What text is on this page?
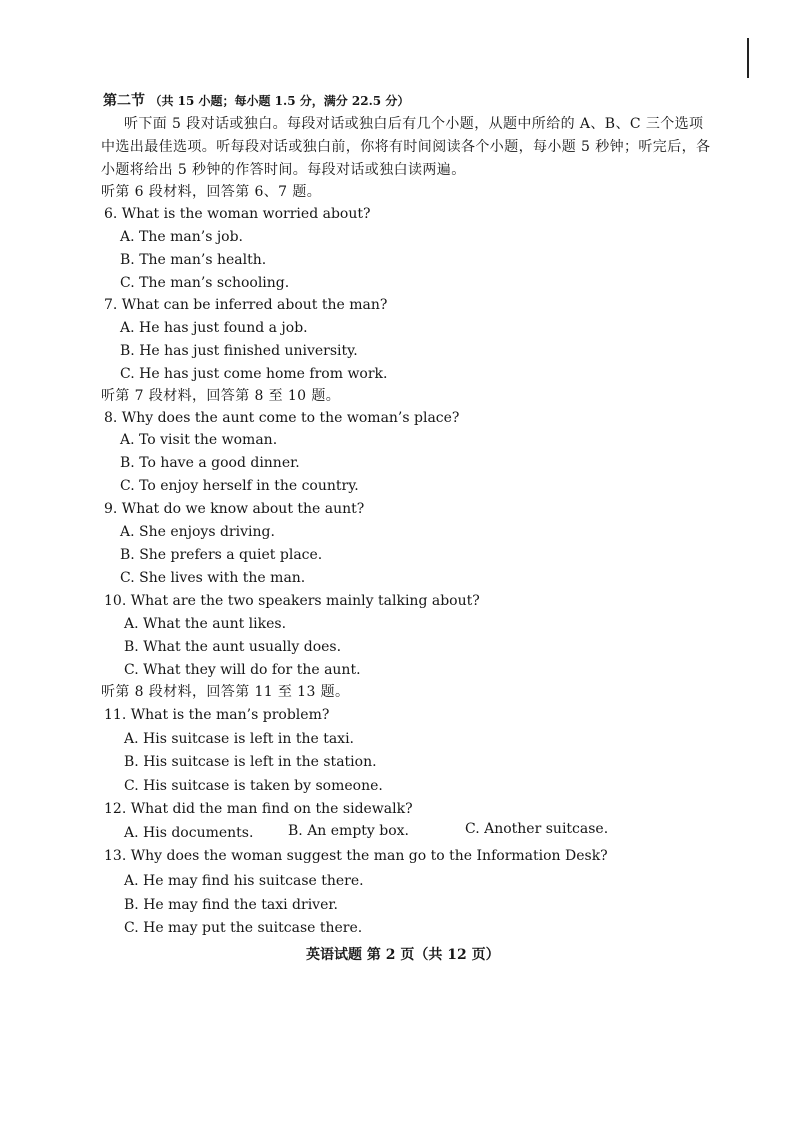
第二节 （共 15 小题；每小题 1.5 分，满分 22.5 分）
听下面 5 段对话或独白。每段对话或独白后有几个小题，从题中所给的 A、B、C 三个选项
中选出最佳选项。听每段对话或独白前，你将有时间阅读各个小题，每小题 5 秒钟；听完后，各
小题将给出 5 秒钟的作答时间。每段对话或独白读两遍。
听第 6 段材料，回答第 6、7 题。
6. What is the woman worried about?
A. The man’s job.
B. The man’s health.
C. The man’s schooling.
7. What can be inferred about the man?
A. He has just found a job.
B. He has just finished university.
C. He has just come home from work.
听第 7 段材料，回答第 8 至 10 题。
8. Why does the aunt come to the woman’s place?
A. To visit the woman.
B. To have a good dinner.
C. To enjoy herself in the country.
9. What do we know about the aunt?
A. She enjoys driving.
B. She prefers a quiet place.
C. She lives with the man.
10. What are the two speakers mainly talking about?
A. What the aunt likes.
B. What the aunt usually does.
C. What they will do for the aunt.
听第 8 段材料，回答第 11 至 13 题。
11. What is the man’s problem?
A. His suitcase is left in the taxi.
B. His suitcase is left in the station.
C. His suitcase is taken by someone.
12. What did the man find on the sidewalk?
A. His documents. B. An empty box.	C. Another suitcase.
13. Why does the woman suggest the man go to the Information Desk?
A. He may find his suitcase there.
B. He may find the taxi driver.
C. He may put the suitcase there.
英语试题 第 2 页（共 12 页）
